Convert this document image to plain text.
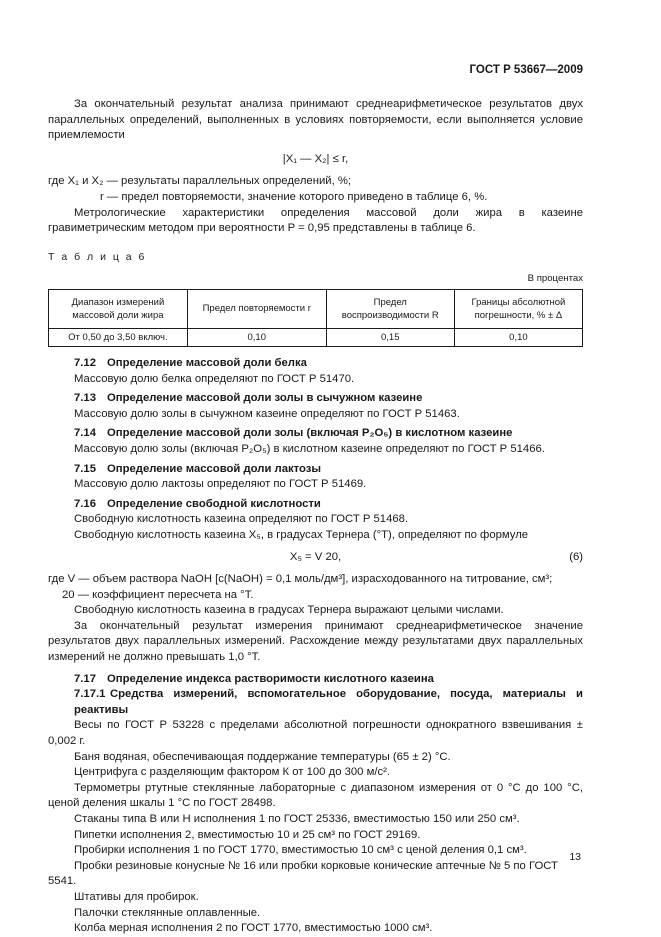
ГОСТ Р 53667—2009

За окончательный результат анализа принимают среднеарифметическое результатов двух параллельных определений, выполненных в условиях повторяемости, если выполняется условие приемлемости

|X₁ — X₂| ≤ r,

где X₁ и X₂ — результаты параллельных определений, %;

r — предел повторяемости, значение которого приведено в таблице 6, %.

Метрологические характеристики определения массовой доли жира в казеине гравиметрическим методом при вероятности P = 0,95 представлены в таблице 6.

Т а б л и ц а 6

В процентах

Диапазон измерений массовой доли жира	Предел повторяемости r	Предел воспроизводимости R	Границы абсолютной погрешности, % ± Δ
От 0,50 до 3,50 включ.	0,10	0,15	0,10

7.12 Определение массовой доли белка

Массовую долю белка определяют по ГОСТ Р 51470.

7.13 Определение массовой доли золы в сычужном казеине

Массовую долю золы в сычужном казеине определяют по ГОСТ Р 51463.

7.14 Определение массовой доли золы (включая P₂O₅) в кислотном казеине

Массовую долю золы (включая P₂O₅) в кислотном казеине определяют по ГОСТ Р 51466.

7.15 Определение массовой доли лактозы

Массовую долю лактозы определяют по ГОСТ Р 51469.

7.16 Определение свободной кислотности

Свободную кислотность казеина определяют по ГОСТ Р 51468.

Свободную кислотность казеина X₅, в градусах Тернера (°Т), определяют по формуле

X₅ = V 20,	(6)

где V — объем раствора NaOH [c(NaOH) = 0,1 моль/дм³], израсходованного на титрование, см³;

20 — коэффициент пересчета на °Т.

Свободную кислотность казеина в градусах Тернера выражают целыми числами.

За окончательный результат измерения принимают среднеарифметическое значение результатов двух параллельных измерений. Расхождение между результатами двух параллельных измерений не должно превышать 1,0 °Т.

7.17 Определение индекса растворимости кислотного казеина

7.17.1 Средства измерений, вспомогательное оборудование, посуда, материалы и реактивы

Весы по ГОСТ Р 53228 с пределами абсолютной погрешности однократного взвешивания ± 0,002 г.

Баня водяная, обеспечивающая поддержание температуры (65 ± 2) °С.

Центрифуга с разделяющим фактором К от 100 до 300 м/с².

Термометры ртутные стеклянные лабораторные с диапазоном измерения от 0 °С до 100 °С, ценой деления шкалы 1 °С по ГОСТ 28498.

Стаканы типа В или Н исполнения 1 по ГОСТ 25336, вместимостью 150 или 250 см³.

Пипетки исполнения 2, вместимостью 10 и 25 см³ по ГОСТ 29169.

Пробирки исполнения 1 по ГОСТ 1770, вместимостью 10 см³ с ценой деления 0,1 см³.

Пробки резиновые конусные № 16 или пробки корковые конические аптечные № 5 по ГОСТ 5541.

Штативы для пробирок.

Палочки стеклянные оплавленные.

Колба мерная исполнения 2 по ГОСТ 1770, вместимостью 1000 см³.

13
